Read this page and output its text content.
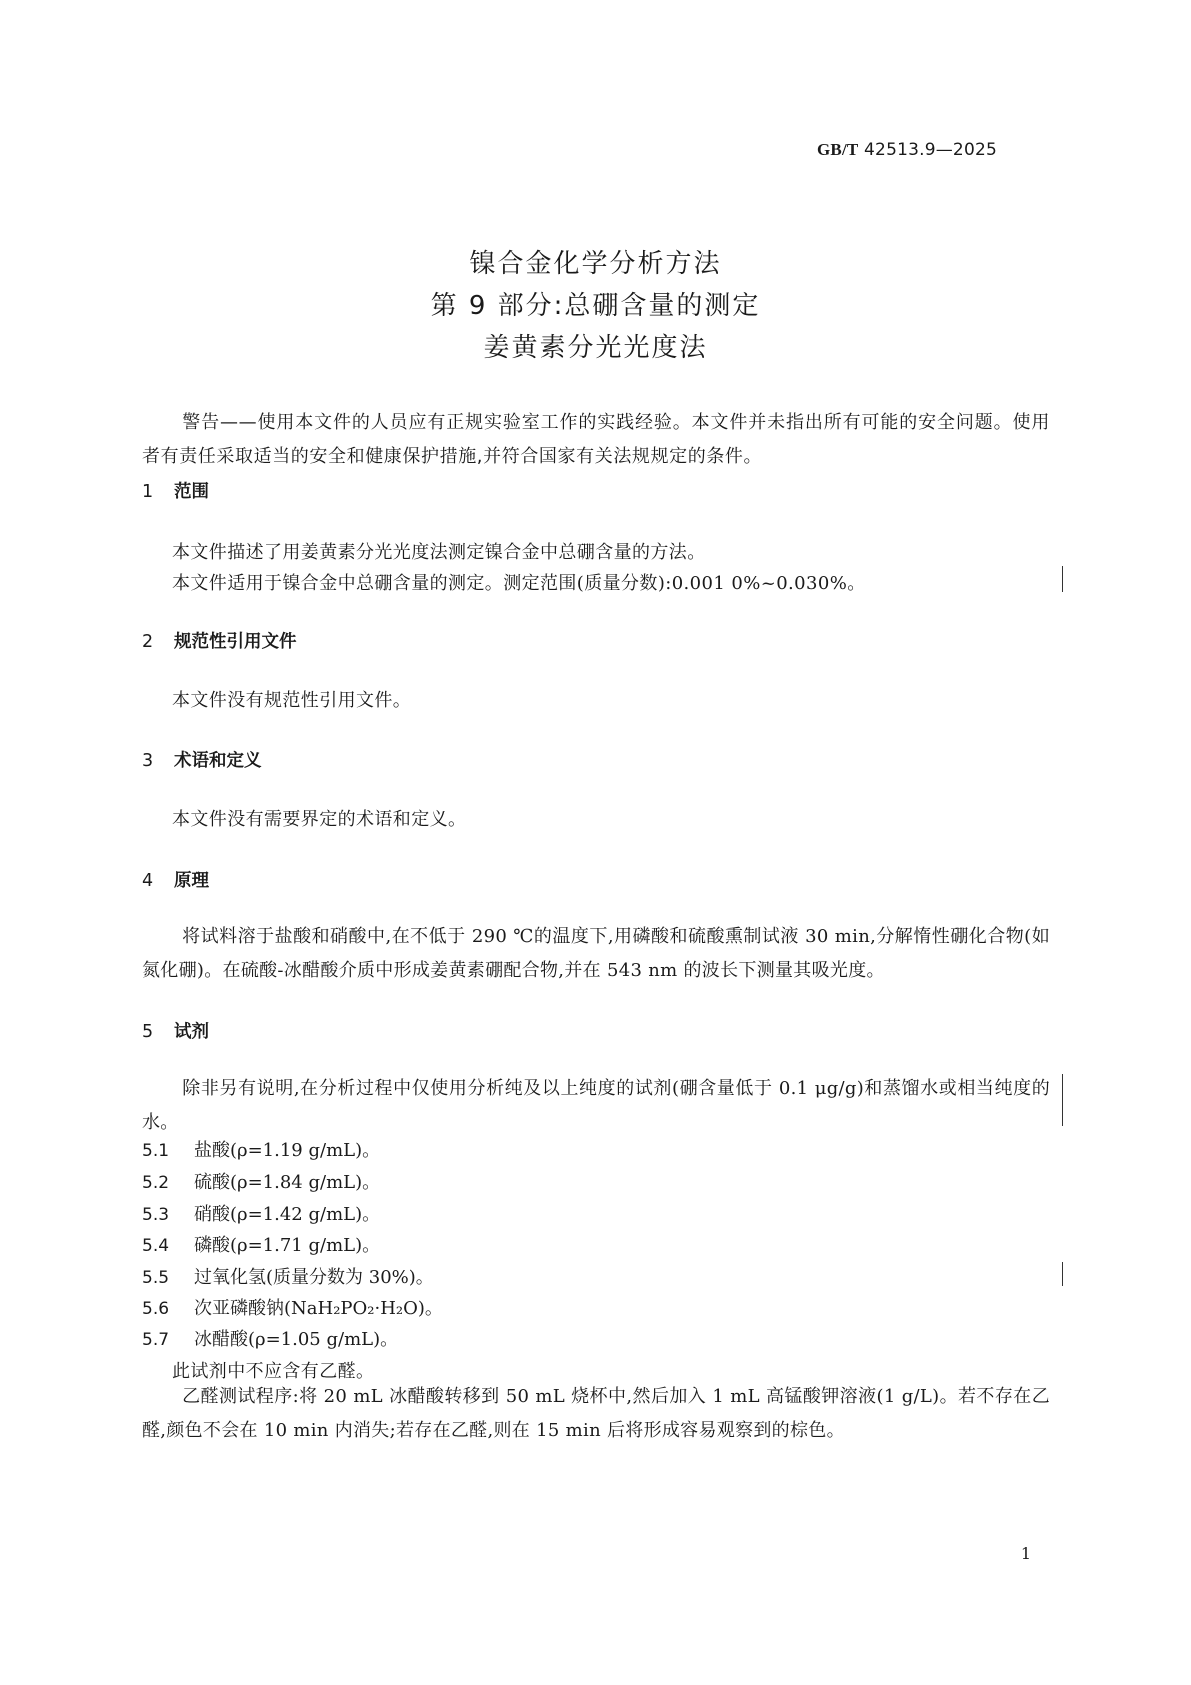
GB/T 42513.9—2025
镍合金化学分析方法
第 9 部分:总硼含量的测定
姜黄素分光光度法
警告——使用本文件的人员应有正规实验室工作的实践经验。本文件并未指出所有可能的安全问题。使用者有责任采取适当的安全和健康保护措施,并符合国家有关法规规定的条件。
1 范围
本文件描述了用姜黄素分光光度法测定镍合金中总硼含量的方法。
本文件适用于镍合金中总硼含量的测定。测定范围(质量分数):0.001 0%~0.030%。
2 规范性引用文件
本文件没有规范性引用文件。
3 术语和定义
本文件没有需要界定的术语和定义。
4 原理
将试料溶于盐酸和硝酸中,在不低于 290 ℃的温度下,用磷酸和硫酸熏制试液 30 min,分解惰性硼化合物(如氮化硼)。在硫酸-冰醋酸介质中形成姜黄素硼配合物,并在 543 nm 的波长下测量其吸光度。
5 试剂
除非另有说明,在分析过程中仅使用分析纯及以上纯度的试剂(硼含量低于 0.1 μg/g)和蒸馏水或相当纯度的水。
5.1 盐酸(ρ=1.19 g/mL)。
5.2 硫酸(ρ=1.84 g/mL)。
5.3 硝酸(ρ=1.42 g/mL)。
5.4 磷酸(ρ=1.71 g/mL)。
5.5 过氧化氢(质量分数为 30%)。
5.6 次亚磷酸钠(NaH₂PO₂·H₂O)。
5.7 冰醋酸(ρ=1.05 g/mL)。
此试剂中不应含有乙醛。
乙醛测试程序:将 20 mL 冰醋酸转移到 50 mL 烧杯中,然后加入 1 mL 高锰酸钾溶液(1 g/L)。若不存在乙醛,颜色不会在 10 min 内消失;若存在乙醛,则在 15 min 后将形成容易观察到的棕色。
1
